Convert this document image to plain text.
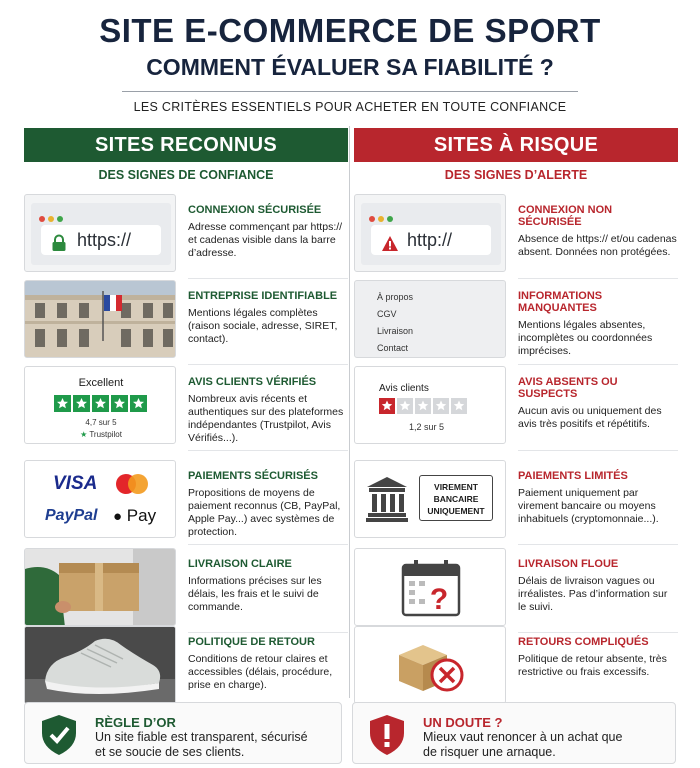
SITE E-COMMERCE DE SPORT
COMMENT ÉVALUER SA FIABILITÉ ?
LES CRITÈRES ESSENTIELS POUR ACHETER EN TOUTE CONFIANCE
SITES RECONNUS
DES SIGNES DE CONFIANCE
https://
CONNEXION SÉCURISÉE
Adresse commençant par https:// et cadenas visible dans la barre d’adresse.
ENTREPRISE IDENTIFIABLE
Mentions légales complètes (raison sociale, adresse, SIRET, contact).
Excellent
4,7 sur 5
★ Trustpilot
AVIS CLIENTS VÉRIFIÉS
Nombreux avis récents et authentiques sur des plateformes indépendantes (Trustpilot, Avis Vérifiés...).
VISA
PayPal ● Pay
PAIEMENTS SÉCURISÉS
Propositions de moyens de paiement reconnus (CB, PayPal, Apple Pay...) avec systèmes de protection.
LIVRAISON CLAIRE
Informations précises sur les délais, les frais et le suivi de commande.
POLITIQUE DE RETOUR
Conditions de retour claires et accessibles (délais, procédure, prise en charge).
SITES À RISQUE
DES SIGNES D’ALERTE
http://
CONNEXION NON SÉCURISÉE
Absence de https:// et/ou cadenas absent. Données non protégées.
À propos
CGV
Livraison
Contact
INFORMATIONS MANQUANTES
Mentions légales absentes, incomplètes ou coordonnées imprécises.
Avis clients
1,2 sur 5
AVIS ABSENTS OU SUSPECTS
Aucun avis ou uniquement des avis très positifs et répétitifs.
VIREMENT
BANCAIRE
UNIQUEMENT
PAIEMENTS LIMITÉS
Paiement uniquement par virement bancaire ou moyens inhabituels (cryptomonnaie...).
?
LIVRAISON FLOUE
Délais de livraison vagues ou irréalistes. Pas d’information sur le suivi.
RETOURS COMPLIQUÉS
Politique de retour absente, très restrictive ou frais excessifs.
RÈGLE D’OR
Un site fiable est transparent, sécurisé
et se soucie de ses clients.
UN DOUTE ?
Mieux vaut renoncer à un achat que
de risquer une arnaque.
